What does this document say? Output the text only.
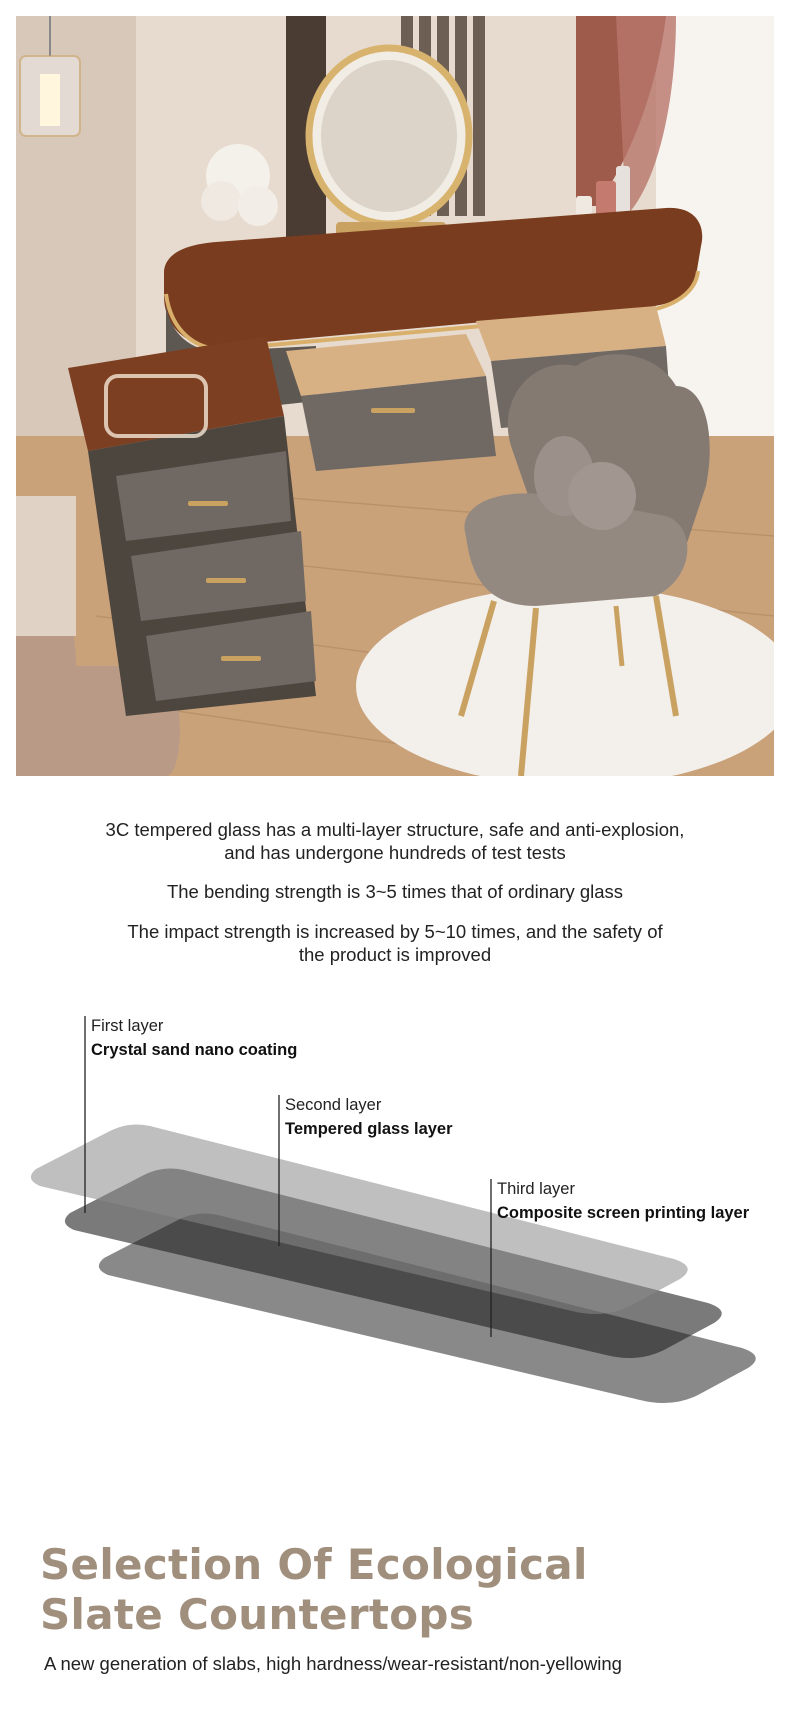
3C tempered glass has a multi-layer structure, safe and anti-explosion,
and has undergone hundreds of test tests

The bending strength is 3~5 times that of ordinary glass

The impact strength is increased by 5~10 times, and the safety of
the product is improved

First layer
Crystal sand nano coating
Second layer
Tempered glass layer
Third layer
Composite screen printing layer
Selection Of Ecological
Slate Countertops

A new generation of slabs, high hardness/wear-resistant/non-yellowing
